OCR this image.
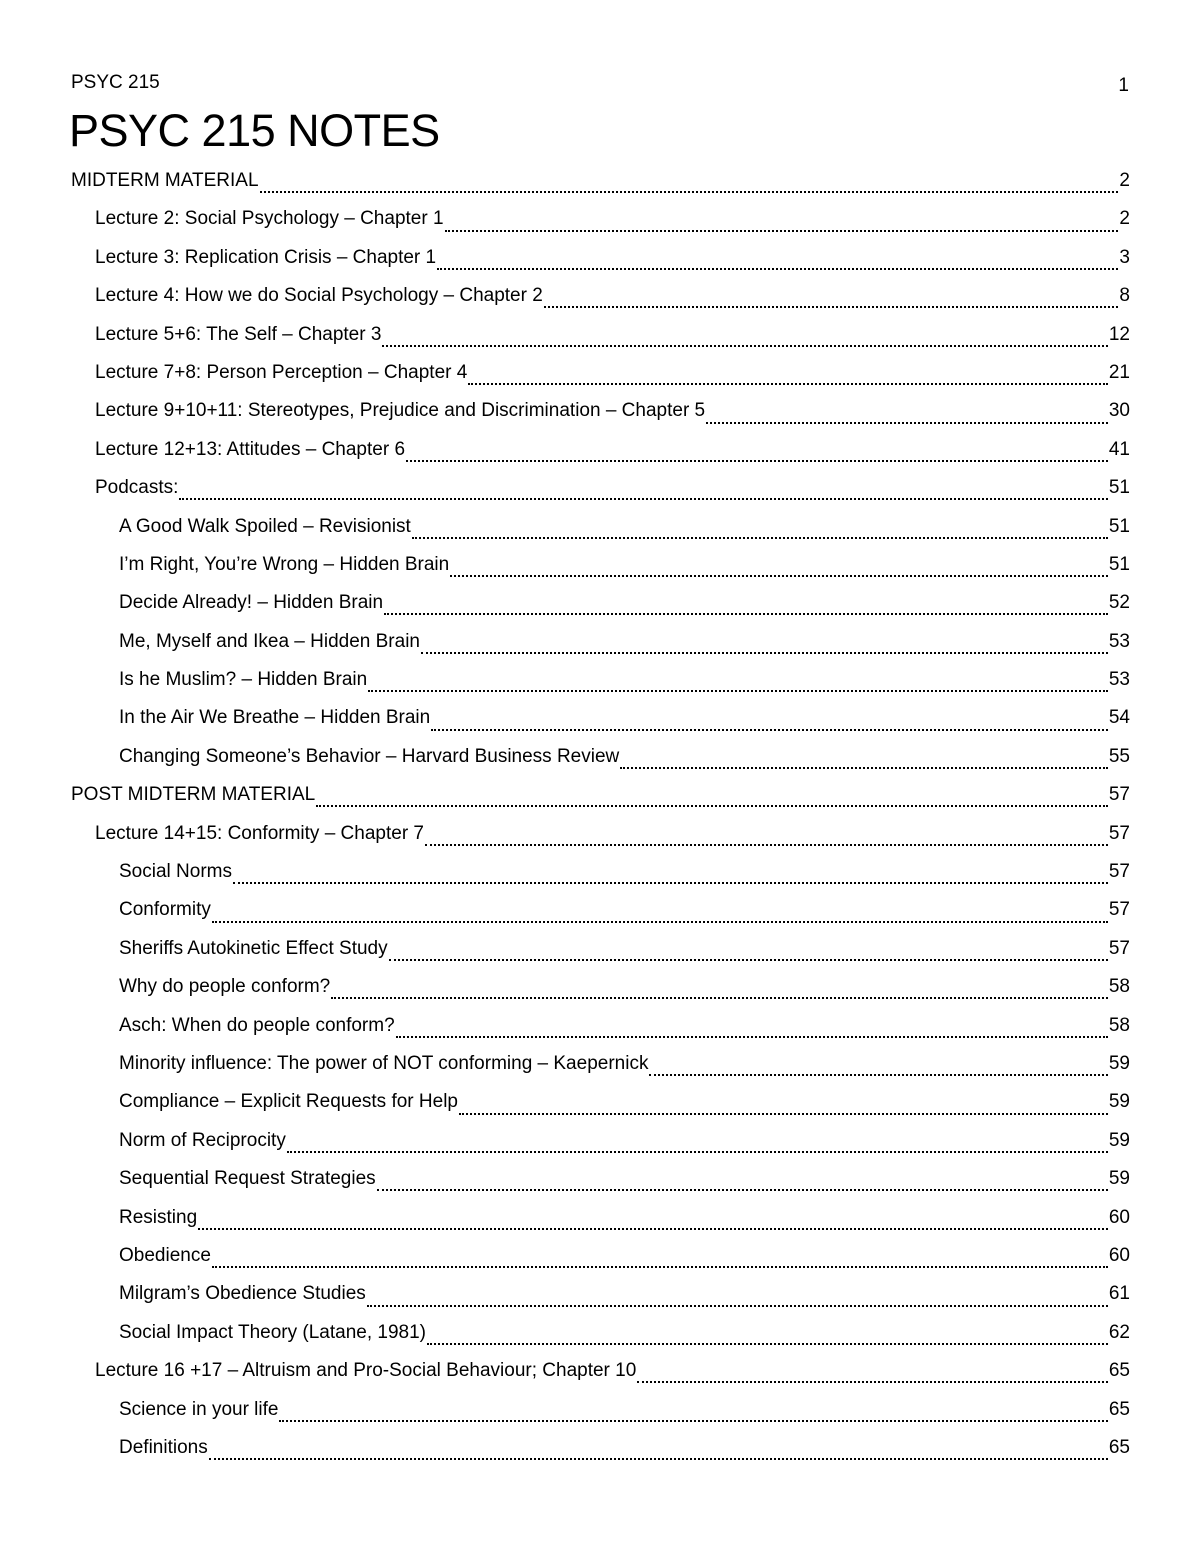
PSYC 215	1
PSYC 215 NOTES
MIDTERM MATERIAL	2
Lecture 2: Social Psychology – Chapter 1	2
Lecture 3: Replication Crisis – Chapter 1	3
Lecture 4: How we do Social Psychology – Chapter 2	8
Lecture 5+6: The Self – Chapter 3	12
Lecture 7+8: Person Perception – Chapter 4	21
Lecture 9+10+11: Stereotypes, Prejudice and Discrimination – Chapter 5	30
Lecture 12+13: Attitudes – Chapter 6	41
Podcasts:	51
A Good Walk Spoiled – Revisionist	51
I’m Right, You’re Wrong – Hidden Brain	51
Decide Already! – Hidden Brain	52
Me, Myself and Ikea – Hidden Brain	53
Is he Muslim? – Hidden Brain	53
In the Air We Breathe – Hidden Brain	54
Changing Someone’s Behavior – Harvard Business Review	55
POST MIDTERM MATERIAL	57
Lecture 14+15: Conformity – Chapter 7	57
Social Norms	57
Conformity	57
Sheriffs Autokinetic Effect Study	57
Why do people conform?	58
Asch: When do people conform?	58
Minority influence: The power of NOT conforming – Kaepernick	59
Compliance – Explicit Requests for Help	59
Norm of Reciprocity	59
Sequential Request Strategies	59
Resisting	60
Obedience	60
Milgram’s Obedience Studies	61
Social Impact Theory (Latane, 1981)	62
Lecture 16 +17 – Altruism and Pro-Social Behaviour; Chapter 10	65
Science in your life	65
Definitions	65
